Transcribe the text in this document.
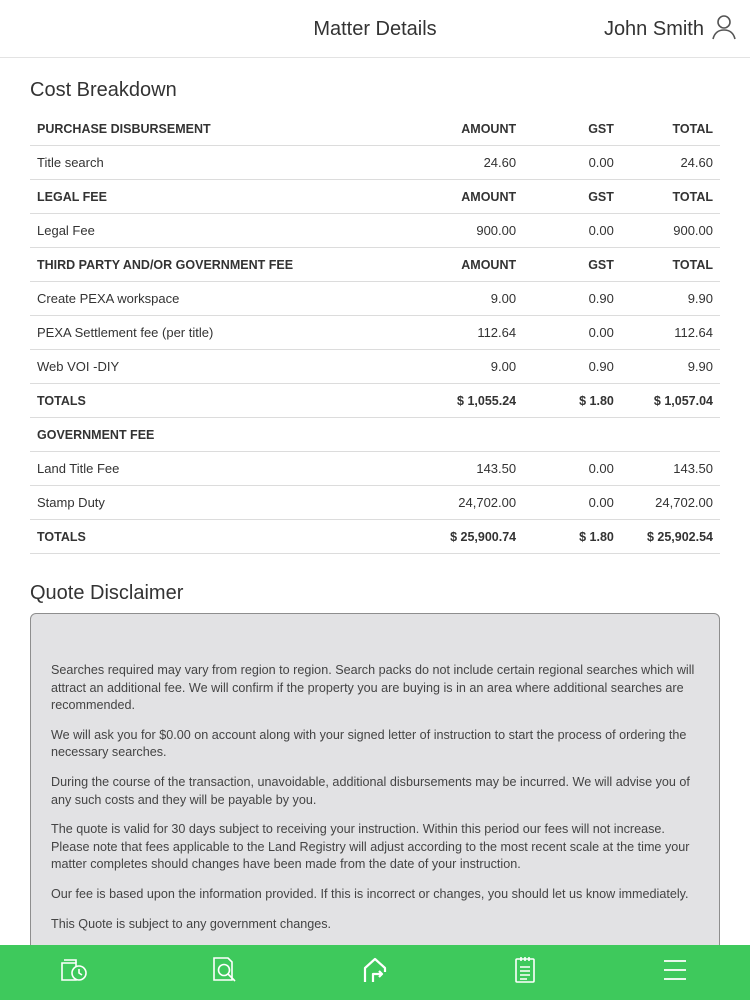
Matter Details	John Smith
Cost Breakdown
PURCHASE DISBURSEMENT	AMOUNT	GST	TOTAL
Title search	24.60	0.00	24.60
LEGAL FEE	AMOUNT	GST	TOTAL
Legal Fee	900.00	0.00	900.00
THIRD PARTY AND/OR GOVERNMENT FEE	AMOUNT	GST	TOTAL
Create PEXA workspace	9.00	0.90	9.90
PEXA Settlement fee (per title)	112.64	0.00	112.64
Web VOI -DIY	9.00	0.90	9.90
TOTALS	$ 1,055.24	$ 1.80	$ 1,057.04
GOVERNMENT FEE			
Land Title Fee	143.50	0.00	143.50
Stamp Duty	24,702.00	0.00	24,702.00
TOTALS	$ 25,900.74	$ 1.80	$ 25,902.54
Quote Disclaimer

Searches required may vary from region to region. Search packs do not include certain regional searches which will attract an additional fee. We will confirm if the property you are buying is in an area where additional searches are recommended.

We will ask you for $0.00 on account along with your signed letter of instruction to start the process of ordering the necessary searches.

During the course of the transaction, unavoidable, additional disbursements may be incurred. We will advise you of any such costs and they will be payable by you.

The quote is valid for 30 days subject to receiving your instruction. Within this period our fees will not increase. Please note that fees applicable to the Land Registry will adjust according to the most recent scale at the time your matter completes should changes have been made from the date of your instruction.

Our fee is based upon the information provided. If this is incorrect or changes, you should let us know immediately.

This Quote is subject to any government changes.
